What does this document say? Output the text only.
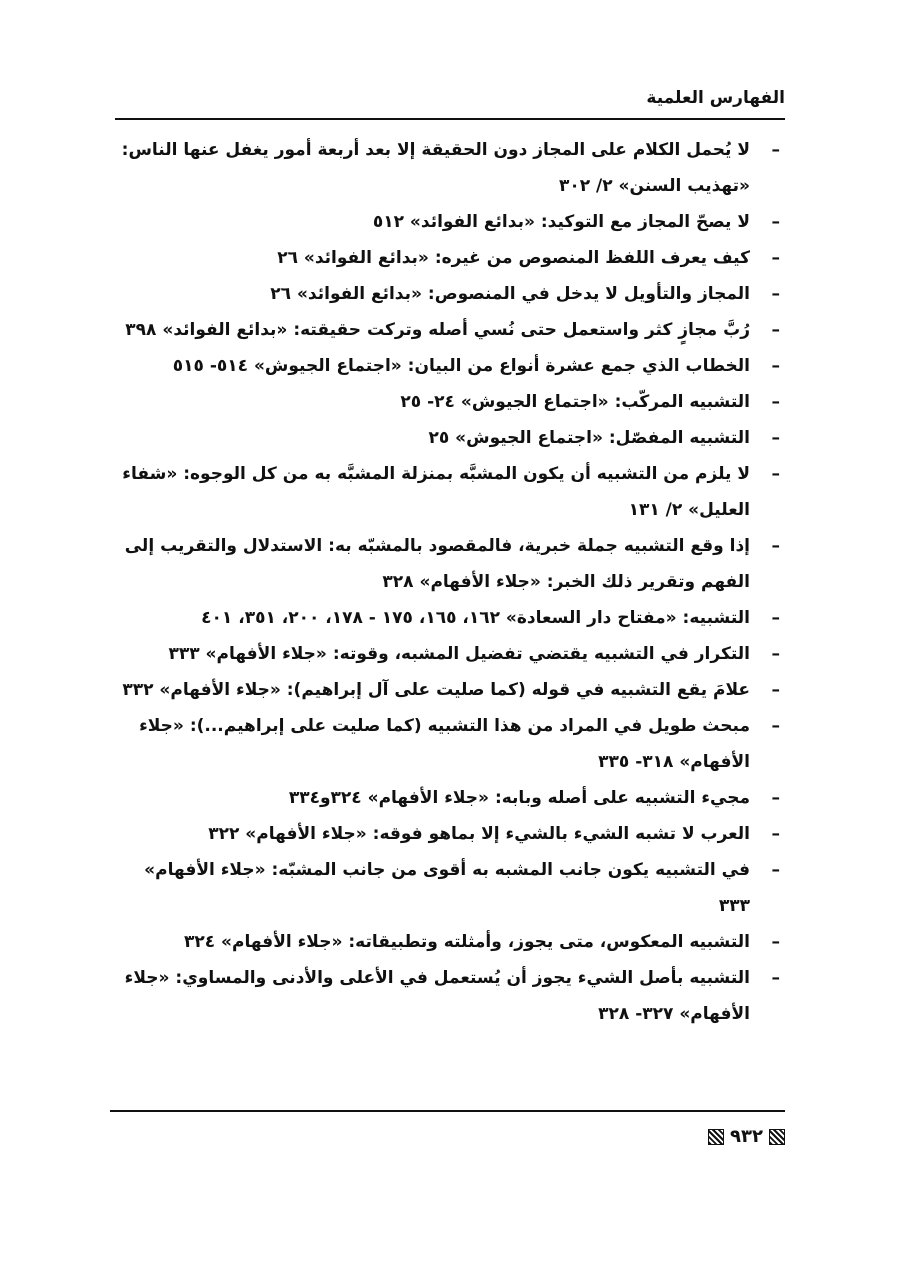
الفهارس العلمية
–
لا يُحمل الكلام على المجاز دون الحقيقة إلا بعد أربعة أمور يغفل عنها الناس: «تهذيب السنن» ٢/ ٣٠٢
–
لا يصحّ المجاز مع التوكيد: «بدائع الفوائد» ٥١٢
–
كيف يعرف اللفظ المنصوص من غيره: «بدائع الفوائد» ٢٦
–
المجاز والتأويل لا يدخل في المنصوص: «بدائع الفوائد» ٢٦
–
رُبَّ مجازٍ كثر واستعمل حتى نُسي أصله وتركت حقيقته: «بدائع الفوائد» ٣٩٨
–
الخطاب الذي جمع عشرة أنواع من البيان: «اجتماع الجيوش» ٥١٤- ٥١٥
–
التشبيه المركّب: «اجتماع الجيوش» ٢٤- ٢٥
–
التشبيه المفصّل: «اجتماع الجيوش» ٢٥
–
لا يلزم من التشبيه أن يكون المشبَّه بمنزلة المشبَّه به من كل الوجوه: «شفاء العليل» ٢/ ١٣١
–
إذا وقع التشبيه جملة خبرية، فالمقصود بالمشبّه به: الاستدلال والتقريب إلى الفهم وتقرير ذلك الخبر: «جلاء الأفهام» ٣٢٨
–
التشبيه: «مفتاح دار السعادة» ١٦٢، ١٦٥، ١٧٥ - ١٧٨، ٢٠٠، ٣٥١، ٤٠١
–
التكرار في التشبيه يقتضي تفضيل المشبه، وقوته: «جلاء الأفهام» ٣٣٣
–
علامَ يقع التشبيه في قوله (كما صليت على آل إبراهيم): «جلاء الأفهام» ٣٣٢
–
مبحث طويل في المراد من هذا التشبيه (كما صليت على إبراهيم...): «جلاء الأفهام» ٣١٨- ٣٣٥
–
مجيء التشبيه على أصله وبابه: «جلاء الأفهام» ٣٢٤و٣٣٤
–
العرب لا تشبه الشيء بالشيء إلا بماهو فوقه: «جلاء الأفهام» ٣٢٢
–
في التشبيه يكون جانب المشبه به أقوى من جانب المشبّه: «جلاء الأفهام» ٣٣٣
–
التشبيه المعكوس، متى يجوز، وأمثلته وتطبيقاته: «جلاء الأفهام» ٣٢٤
–
التشبيه بأصل الشيء يجوز أن يُستعمل في الأعلى والأدنى والمساوي: «جلاء الأفهام» ٣٢٧- ٣٢٨
٩٣٢
